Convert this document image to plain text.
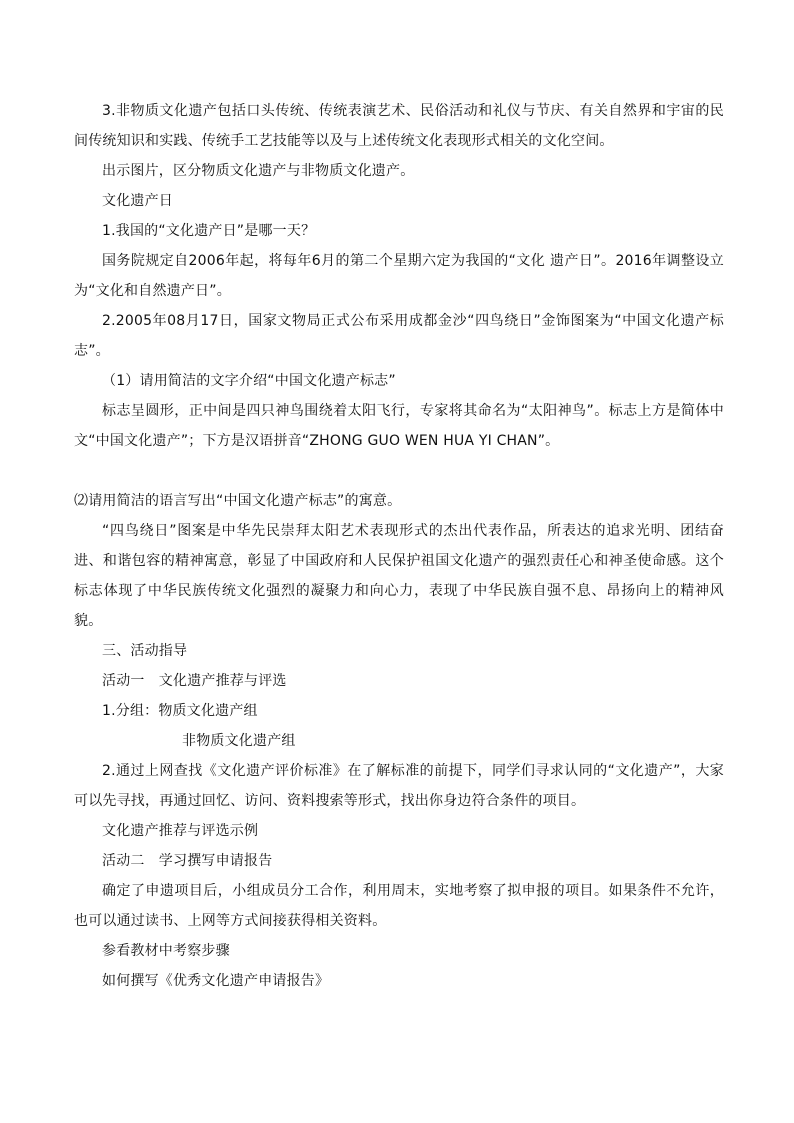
3.非物质文化遗产包括口头传统、传统表演艺术、民俗活动和礼仪与节庆、有关自然界和宇宙的民间传统知识和实践、传统手工艺技能等以及与上述传统文化表现形式相关的文化空间。

出示图片，区分物质文化遗产与非物质文化遗产。

文化遗产日

1.我国的“文化遗产日”是哪一天？

国务院规定自2006年起，将每年6月的第二个星期六定为我国的“文化 遗产日”。2016年调整设立为“文化和自然遗产日”。

2.2005年08月17日，国家文物局正式公布采用成都金沙“四鸟绕日”金饰图案为“中国文化遗产标志”。

（1）请用简洁的文字介绍“中国文化遗产标志”

标志呈圆形，正中间是四只神鸟围绕着太阳飞行，专家将其命名为“太阳神鸟”。标志上方是简体中文“中国文化遗产”；下方是汉语拼音“ZHONG GUO WEN HUA YI CHAN”。

⑵请用简洁的语言写出“中国文化遗产标志”的寓意。

“四鸟绕日”图案是中华先民崇拜太阳艺术表现形式的杰出代表作品，所表达的追求光明、团结奋进、和谐包容的精神寓意，彰显了中国政府和人民保护祖国文化遗产的强烈责任心和神圣使命感。这个标志体现了中华民族传统文化强烈的凝聚力和向心力，表现了中华民族自强不息、昂扬向上的精神风貌。

三、活动指导

活动一　文化遗产推荐与评选

1.分组：物质文化遗产组

非物质文化遗产组

2.通过上网查找《文化遗产评价标准》在了解标准的前提下，同学们寻求认同的“文化遗产”，大家可以先寻找，再通过回忆、访问、资料搜索等形式，找出你身边符合条件的项目。

文化遗产推荐与评选示例

活动二　学习撰写申请报告

确定了申遗项目后，小组成员分工合作，利用周末，实地考察了拟申报的项目。如果条件不允许，也可以通过读书、上网等方式间接获得相关资料。

参看教材中考察步骤

如何撰写《优秀文化遗产申请报告》
